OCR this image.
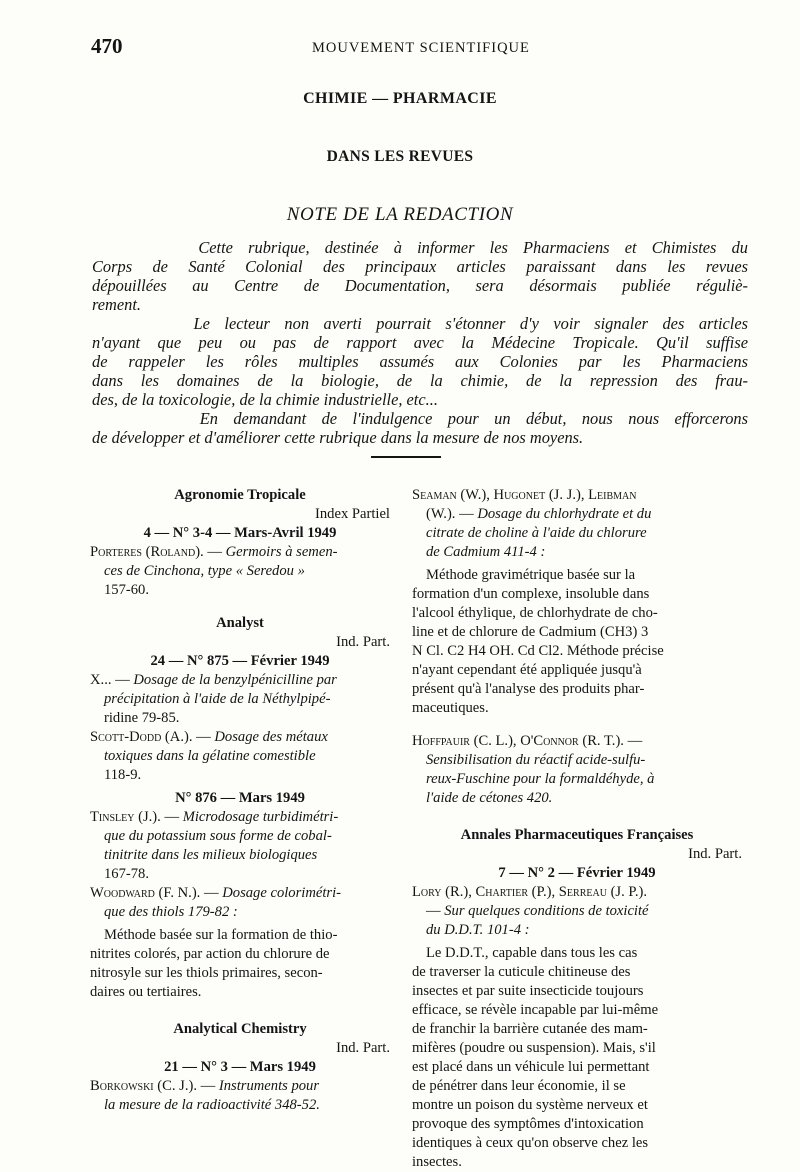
470	MOUVEMENT SCIENTIFIQUE
CHIMIE — PHARMACIE
DANS LES REVUES
NOTE DE LA REDACTION
Cette rubrique, destinée à informer les Pharmaciens et Chimistes du
Corps de Santé Colonial des principaux articles paraissant dans les revues
dépouillées au Centre de Documentation, sera désormais publiée réguliè-
rement.
Le lecteur non averti pourrait s'étonner d'y voir signaler des articles
n'ayant que peu ou pas de rapport avec la Médecine Tropicale. Qu'il suffise
de rappeler les rôles multiples assumés aux Colonies par les Pharmaciens
dans les domaines de la biologie, de la chimie, de la repression des frau-
des, de la toxicologie, de la chimie industrielle, etc...
En demandant de l'indulgence pour un début, nous nous efforcerons
de développer et d'améliorer cette rubrique dans la mesure de nos moyens.
Agronomie Tropicale
Index Partiel
4 — N° 3-4 — Mars-Avril 1949
Porteres (Roland). — Germoirs à semen-
ces de Cinchona, type « Seredou »
157-60.
Analyst
Ind. Part.
24 — N° 875 — Février 1949
X... — Dosage de la benzylpénicilline par
précipitation à l'aide de la Néthylpipé-
ridine 79-85.
Scott-Dodd (A.). — Dosage des métaux
toxiques dans la gélatine comestible
118-9.
N° 876 — Mars 1949
Tinsley (J.). — Microdosage turbidimétri-
que du potassium sous forme de cobal-
tinitrite dans les milieux biologiques
167-78.
Woodward (F. N.). — Dosage colorimétri-
que des thiols 179-82 :
Méthode basée sur la formation de thio-
nitrites colorés, par action du chlorure de
nitrosyle sur les thiols primaires, secon-
daires ou tertiaires.
Analytical Chemistry
Ind. Part.
21 — N° 3 — Mars 1949
Borkowski (C. J.). — Instruments pour
la mesure de la radioactivité 348-52.
Seaman (W.), Hugonet (J. J.), Leibman
(W.). — Dosage du chlorhydrate et du
citrate de choline à l'aide du chlorure
de Cadmium 411-4 :
Méthode gravimétrique basée sur la
formation d'un complexe, insoluble dans
l'alcool éthylique, de chlorhydrate de cho-
line et de chlorure de Cadmium (CH3) 3
N Cl. C2 H4 OH. Cd Cl2. Méthode précise
n'ayant cependant été appliquée jusqu'à
présent qu'à l'analyse des produits phar-
maceutiques.
Hoffpauir (C. L.), O'Connor (R. T.). —
Sensibilisation du réactif acide-sulfu-
reux-Fuschine pour la formaldéhyde, à
l'aide de cétones 420.
Annales Pharmaceutiques Françaises
Ind. Part.
7 — N° 2 — Février 1949
Lory (R.), Chartier (P.), Serreau (J. P.).
— Sur quelques conditions de toxicité
du D.D.T. 101-4 :
Le D.D.T., capable dans tous les cas
de traverser la cuticule chitineuse des
insectes et par suite insecticide toujours
efficace, se révèle incapable par lui-même
de franchir la barrière cutanée des mam-
mifères (poudre ou suspension). Mais, s'il
est placé dans un véhicule lui permettant
de pénétrer dans leur économie, il se
montre un poison du système nerveux et
provoque des symptômes d'intoxication
identiques à ceux qu'on observe chez les
insectes.
